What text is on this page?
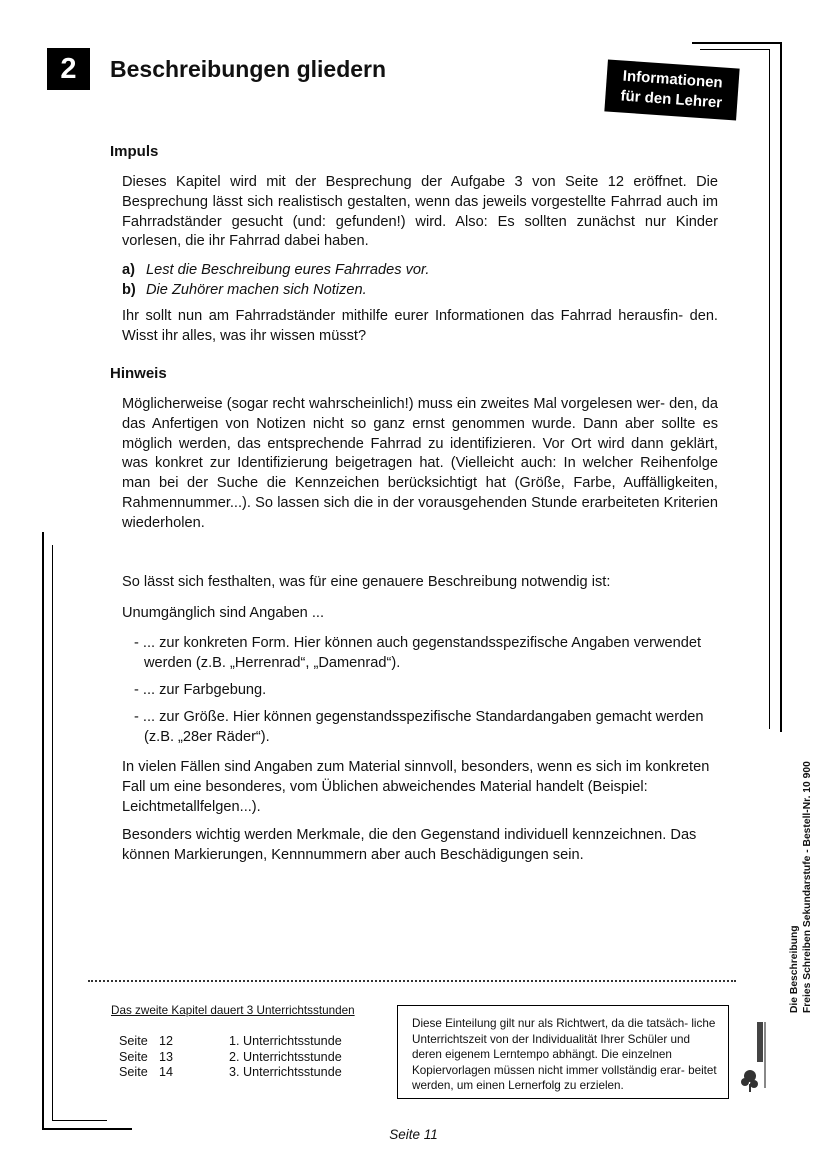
2 Beschreibungen gliedern	Informationen
für den Lehrer
Impuls
Dieses Kapitel wird mit der Besprechung der Aufgabe 3 von Seite 12 eröffnet. Die Besprechung lässt sich realistisch gestalten, wenn das jeweils vorgestellte Fahrrad auch im Fahrradständer gesucht (und: gefunden!) wird. Also: Es sollten zunächst nur Kinder vorlesen, die ihr Fahrrad dabei haben.
a) Lest die Beschreibung eures Fahrrades vor.
b) Die Zuhörer machen sich Notizen.
Ihr sollt nun am Fahrradständer mithilfe eurer Informationen das Fahrrad herausfin- den. Wisst ihr alles, was ihr wissen müsst?
Hinweis
Möglicherweise (sogar recht wahrscheinlich!) muss ein zweites Mal vorgelesen wer- den, da das Anfertigen von Notizen nicht so ganz ernst genommen wurde. Dann aber sollte es möglich werden, das entsprechende Fahrrad zu identifizieren. Vor Ort wird dann geklärt, was konkret zur Identifizierung beigetragen hat. (Vielleicht auch: In welcher Reihenfolge man bei der Suche die Kennzeichen berücksichtigt hat (Größe, Farbe, Auffälligkeiten, Rahmennummer...). So lassen sich die in der vorausgehenden Stunde erarbeiteten Kriterien wiederholen.
So lässt sich festhalten, was für eine genauere Beschreibung notwendig ist:
Unumgänglich sind Angaben ...
- ... zur konkreten Form. Hier können auch gegenstandsspezifische Angaben verwendet werden (z.B. „Herrenrad“, „Damenrad“).
- ... zur Farbgebung.
- ... zur Größe. Hier können gegenstandsspezifische Standardangaben gemacht werden (z.B. „28er Räder“).
In vielen Fällen sind Angaben zum Material sinnvoll, besonders, wenn es sich im konkreten Fall um eine besonderes, vom Üblichen abweichendes Material handelt (Beispiel: Leichtmetallfelgen...).
Besonders wichtig werden Merkmale, die den Gegenstand individuell kennzeichnen. Das können Markierungen, Kennnummern aber auch Beschädigungen sein.
Das zweite Kapitel dauert 3 Unterrichtsstunden
Seite 12	1. Unterrichtsstunde
Seite 13	2. Unterrichtsstunde
Seite 14	3. Unterrichtsstunde
Diese Einteilung gilt nur als Richtwert, da die tatsäch- liche Unterrichtszeit von der Individualität Ihrer Schüler und deren eigenem Lerntempo abhängt. Die einzelnen Kopiervorlagen müssen nicht immer vollständig erar- beitet werden, um einen Lernerfolg zu erzielen.
Die Beschreibung Freies Schreiben Sekundarstufe - Bestell-Nr. 10 900
Seite 11
